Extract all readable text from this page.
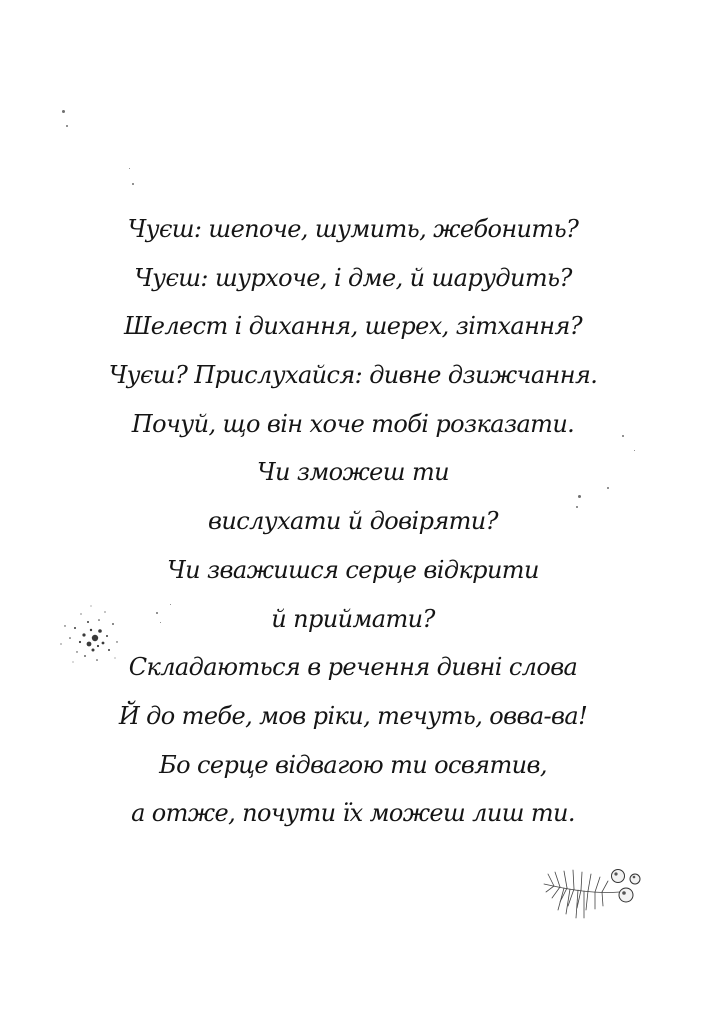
Чуєш: шепоче, шумить, жебонить?
Чуєш: шурхоче, і дме, й шарудить?
Шелест і дихання, шерех, зітхання?
Чуєш? Прислухайся: дивне дзижчання.
Почуй, що він хоче тобі розказати.
Чи зможеш ти
вислухати й довіряти?
Чи зважишся серце відкрити
й приймати?
Складаються в речення дивні слова
Й до тебе, мов ріки, течуть, овва-ва!
Бо серце відвагою ти освятив,
а отже, почути їх можеш лиш ти.
